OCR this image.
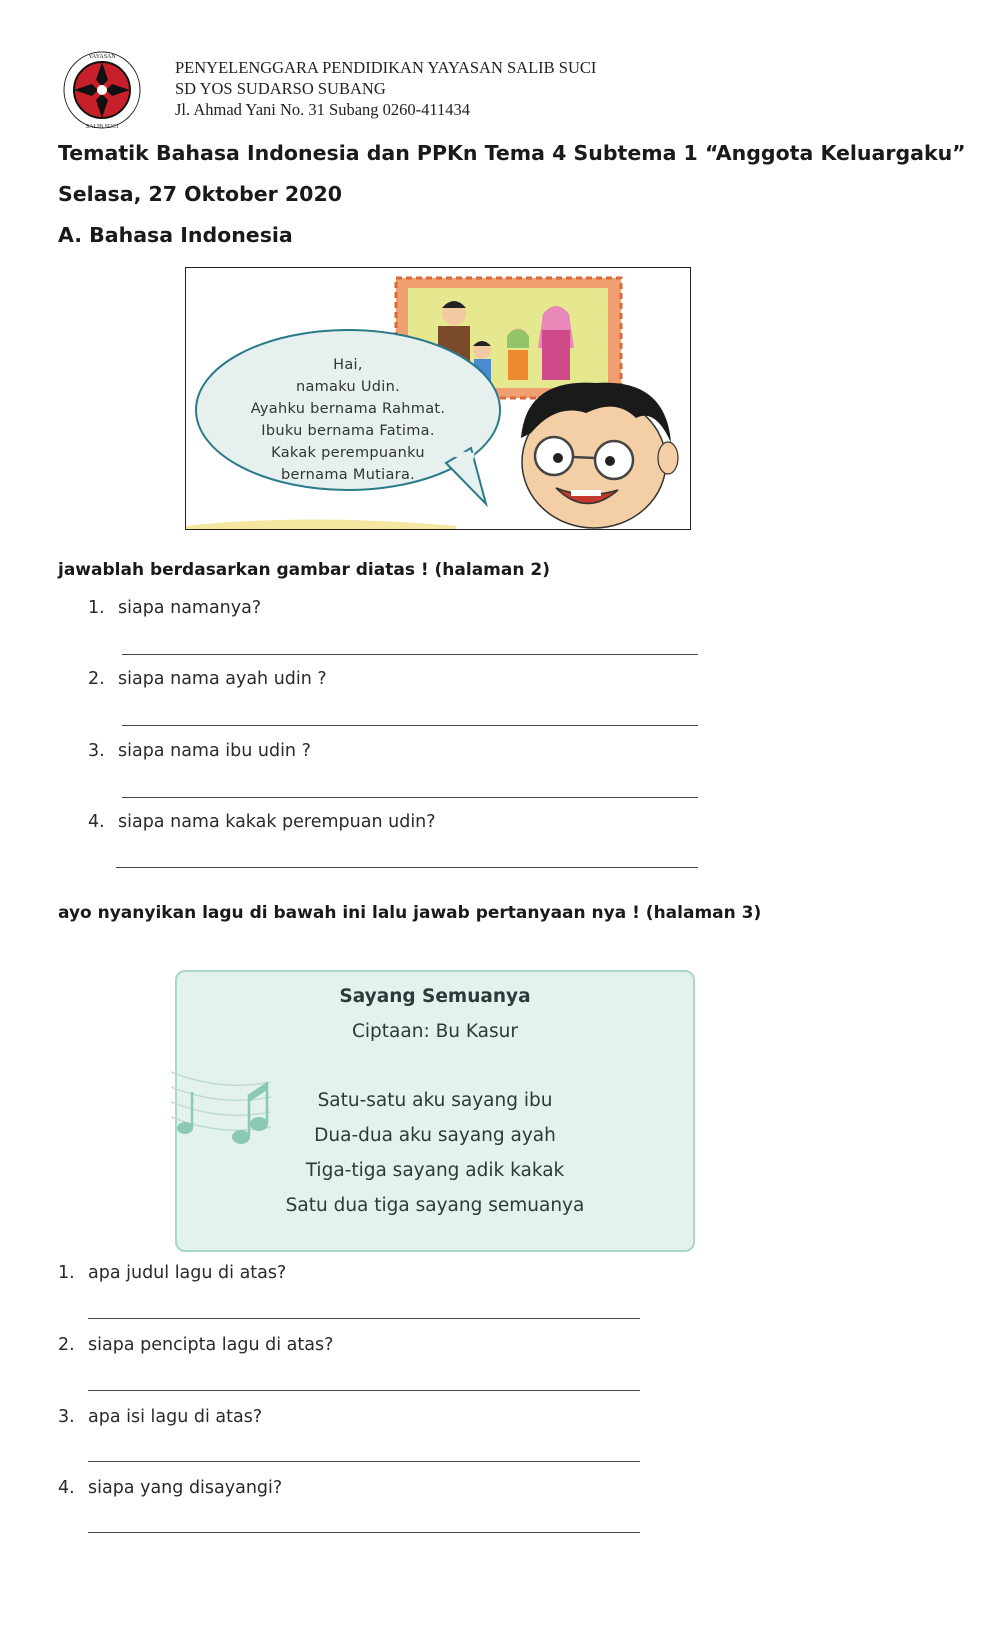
YAYASAN
SALIB SUCI
PENYELENGGARA PENDIDIKAN YAYASAN SALIB SUCI
SD YOS SUDARSO SUBANG
Jl. Ahmad Yani No. 31 Subang 0260-411434
Tematik Bahasa Indonesia dan PPKn Tema 4 Subtema 1 “Anggota Keluargaku”
Selasa, 27 Oktober 2020
A. Bahasa Indonesia
Hai,
namaku Udin.
Ayahku bernama Rahmat.
Ibuku bernama Fatima.
Kakak perempuanku
bernama Mutiara.
jawablah berdasarkan gambar diatas ! (halaman 2)
1. siapa namanya?
2. siapa nama ayah udin ?
3. siapa nama ibu udin ?
4. siapa nama kakak perempuan udin?
ayo nyanyikan lagu di bawah ini lalu jawab pertanyaan nya ! (halaman 3)
Sayang Semuanya
Ciptaan: Bu Kasur
Satu-satu aku sayang ibu
Dua-dua aku sayang ayah
Tiga-tiga sayang adik kakak
Satu dua tiga sayang semuanya
1. apa judul lagu di atas?
2. siapa pencipta lagu di atas?
3. apa isi lagu di atas?
4. siapa yang disayangi?
